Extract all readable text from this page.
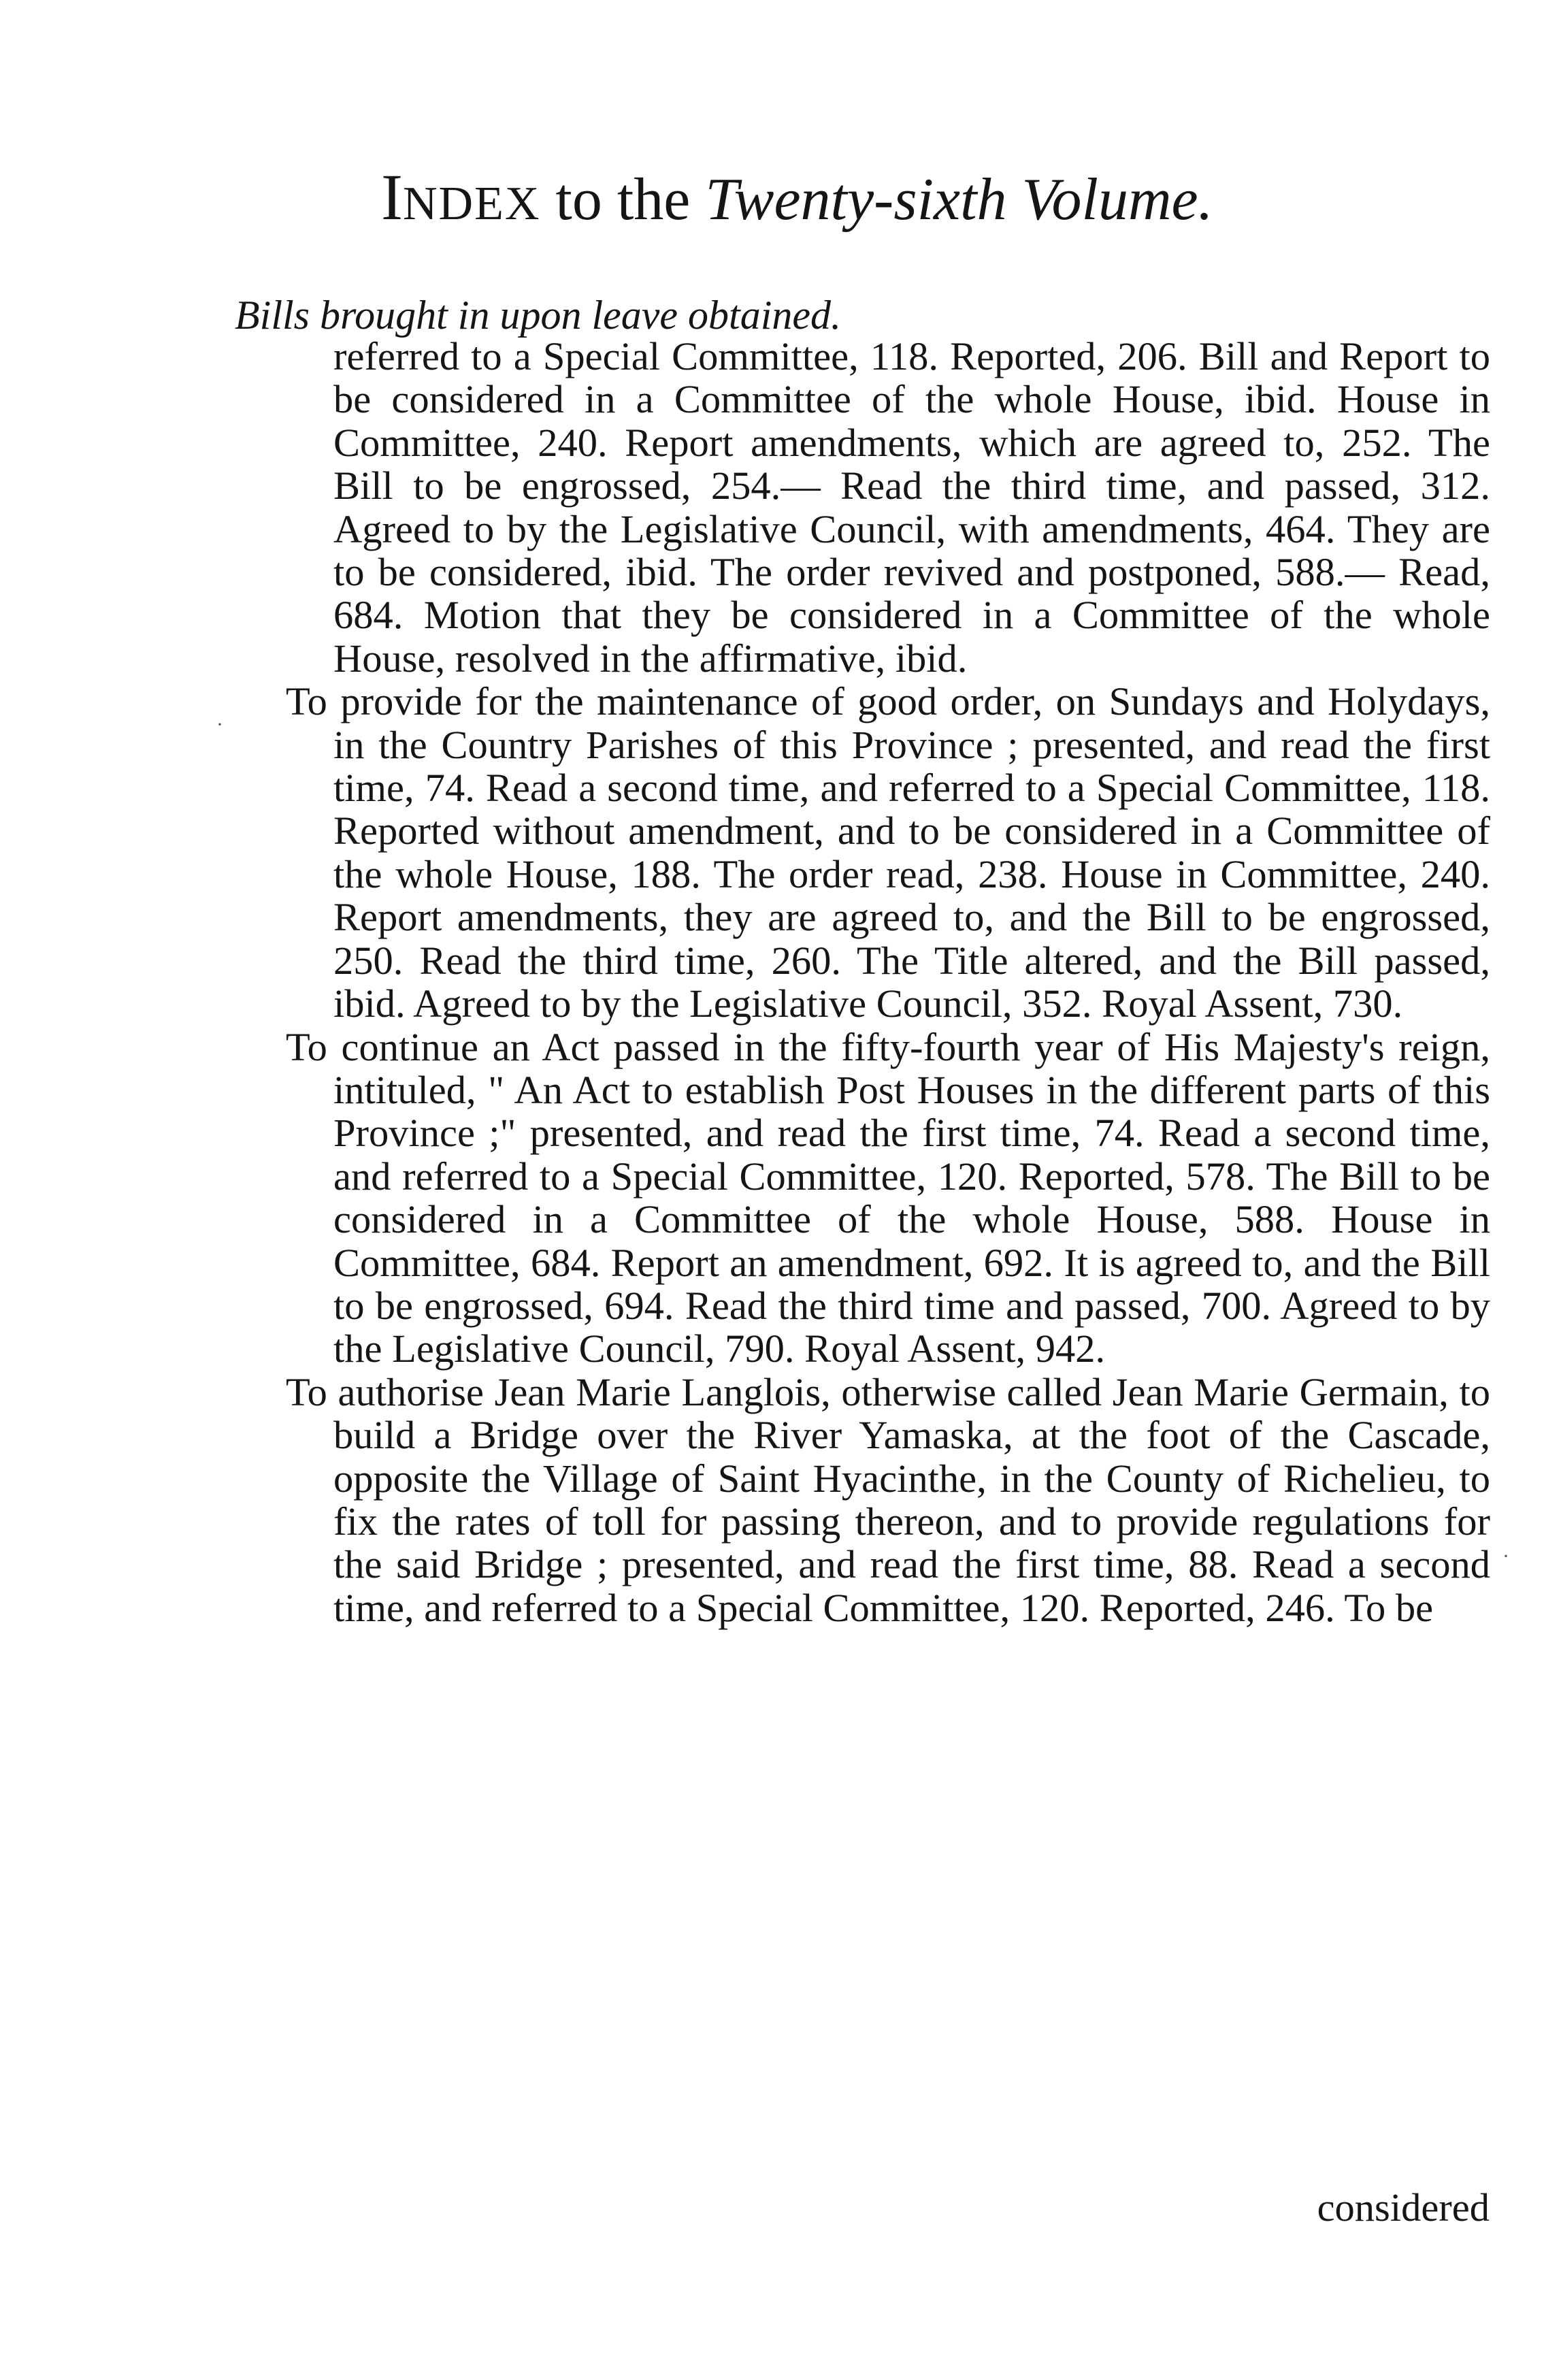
INDEX to the Twenty-sixth Volume.
Bills brought in upon leave obtained.

referred to a Special Committee, 118. Reported, 206. Bill and Report to be considered in a Committee of the whole House, ibid. House in Committee, 240. Report amendments, which are agreed to, 252. The Bill to be engrossed, 254.— Read the third time, and passed, 312. Agreed to by the Legislative Council, with amendments, 464. They are to be considered, ibid. The order revived and postponed, 588.— Read, 684. Motion that they be considered in a Committee of the whole House, resolved in the affirmative, ibid.

To provide for the maintenance of good order, on Sundays and Holydays, in the Country Parishes of this Province ; presented, and read the first time, 74. Read a second time, and referred to a Special Committee, 118. Reported without amendment, and to be considered in a Committee of the whole House, 188. The order read, 238. House in Committee, 240. Report amendments, they are agreed to, and the Bill to be engrossed, 250. Read the third time, 260. The Title altered, and the Bill passed, ibid. Agreed to by the Legislative Council, 352. Royal Assent, 730.

To continue an Act passed in the fifty-fourth year of His Majesty's reign, intituled, " An Act to establish Post Houses in the different parts of this Province ;" presented, and read the first time, 74. Read a second time, and referred to a Special Committee, 120. Reported, 578. The Bill to be considered in a Committee of the whole House, 588. House in Committee, 684. Report an amendment, 692. It is agreed to, and the Bill to be engrossed, 694. Read the third time and passed, 700. Agreed to by the Legislative Council, 790. Royal Assent, 942.

To authorise Jean Marie Langlois, otherwise called Jean Marie Germain, to build a Bridge over the River Yamaska, at the foot of the Cascade, opposite the Village of Saint Hyacinthe, in the County of Richelieu, to fix the rates of toll for passing thereon, and to provide regulations for the said Bridge ; presented, and read the first time, 88. Read a second time, and referred to a Special Committee, 120. Reported, 246. To be

considered
·
·
